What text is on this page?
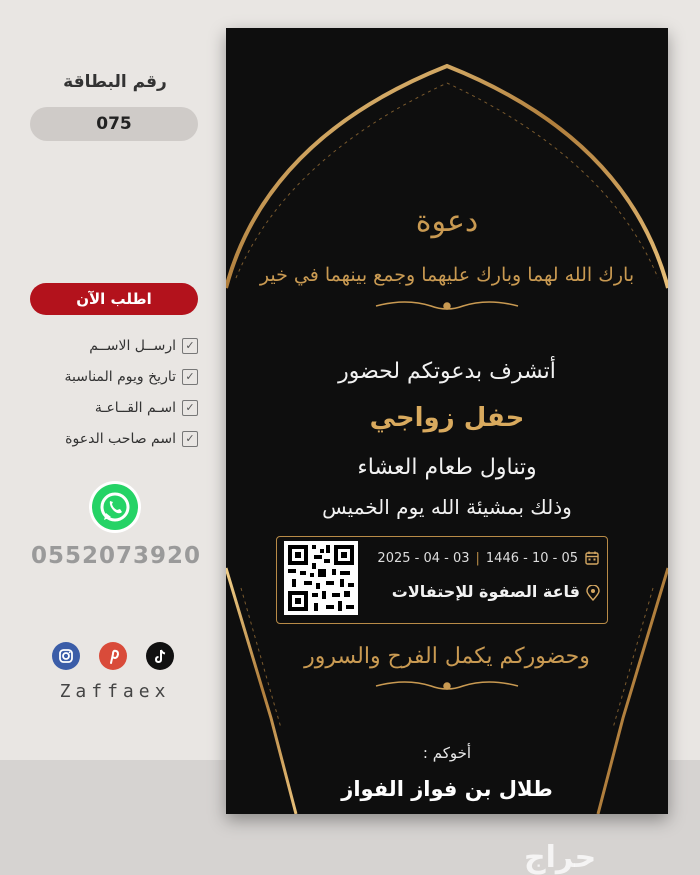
رقم البطاقة
075
اطلب الآن
✓
ارســل الاســم
✓
تاريخ ويوم المناسبة
✓
اسـم القــاعـة
✓
اسم صاحب الدعوة
0552073920
Zaffaex
دعوة
بارك الله لهما وبارك عليهما وجمع بينهما في خير
أتشرف بدعوتكم لحضور
حفل زواجي
وتناول طعام العشاء
وذلك بمشيئة الله يوم الخميس
2025 - 04 - 03 | 1446 - 10 - 05
قاعة الصفوة للإحتفالات
وحضوركم يكمل الفرح والسرور
أخوكم :
طلال بن فواز الفواز
حراج
